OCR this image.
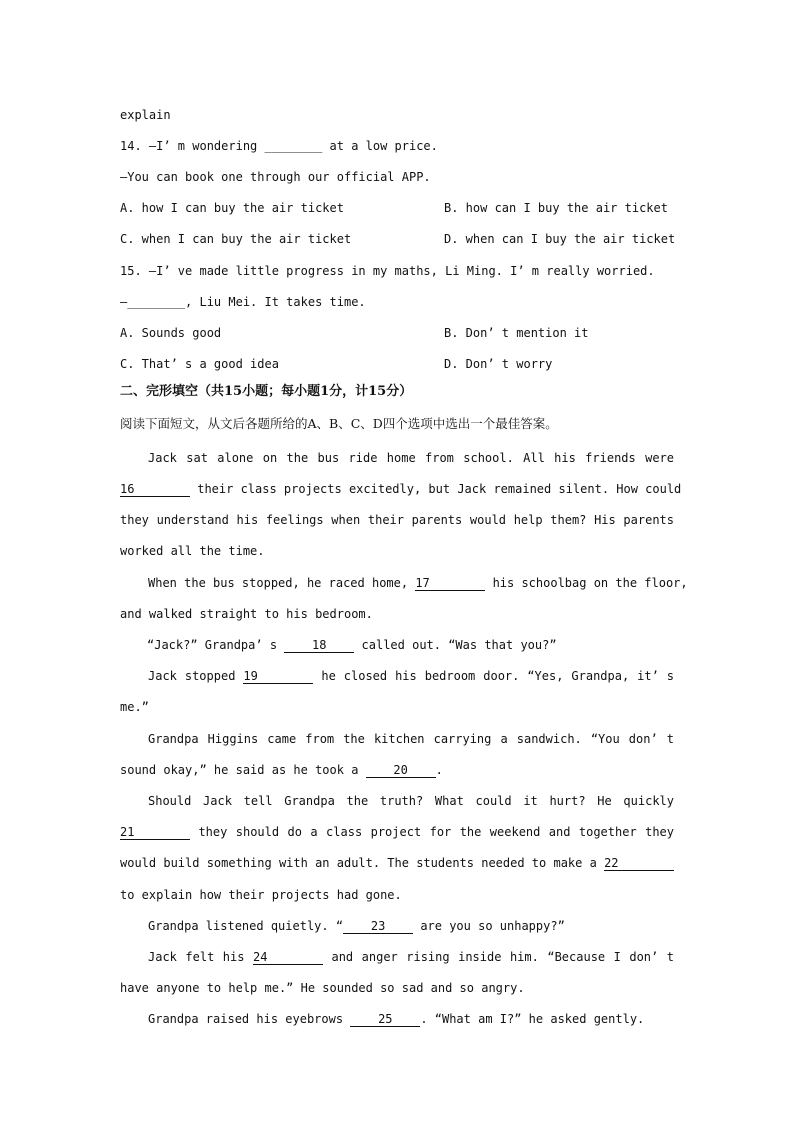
explain
14. —I’ m wondering ________ at a low price.
—You can book one through our official APP.
A. how I can buy the air ticket	B. how can I buy the air ticket
C. when I can buy the air ticket	D. when can I buy the air ticket
15. —I’ ve made little progress in my maths, Li Ming. I’ m really worried.
—________, Liu Mei. It takes time.
A. Sounds good	B. Don’ t mention it
C. That’ s a good idea	D. Don’ t worry
二、完形填空（共15小题；每小题1分，计15分）
阅读下面短文，从文后各题所给的A、B、C、D四个选项中选出一个最佳答案。
Jack sat alone on the bus ride home from school. All his friends were
16	their class projects excitedly, but Jack remained silent. How could
they understand his feelings when their parents would help them? His parents
worked all the time.
When the bus stopped, he raced home, 17	his schoolbag on the floor,
and walked straight to his bedroom.
“Jack?” Grandpa’ s	18	called out. “Was that you?”
Jack stopped 19	he closed his bedroom door. “Yes, Grandpa, it’ s
me.”
Grandpa Higgins came from the kitchen carrying a sandwich. “You don’ t
sound okay,” he said as he took a	20 .
Should Jack tell Grandpa the truth? What could it hurt? He quickly
21	they should do a class project for the weekend and together they
would build something with an adult. The students needed to make a 22
to explain how their projects had gone.
Grandpa listened quietly. “ 23	are you so unhappy?”
Jack felt his 24	and anger rising inside him. “Because I don’ t
have anyone to help me.” He sounded so sad and so angry.
Grandpa raised his eyebrows	25 . “What am I?” he asked gently.
